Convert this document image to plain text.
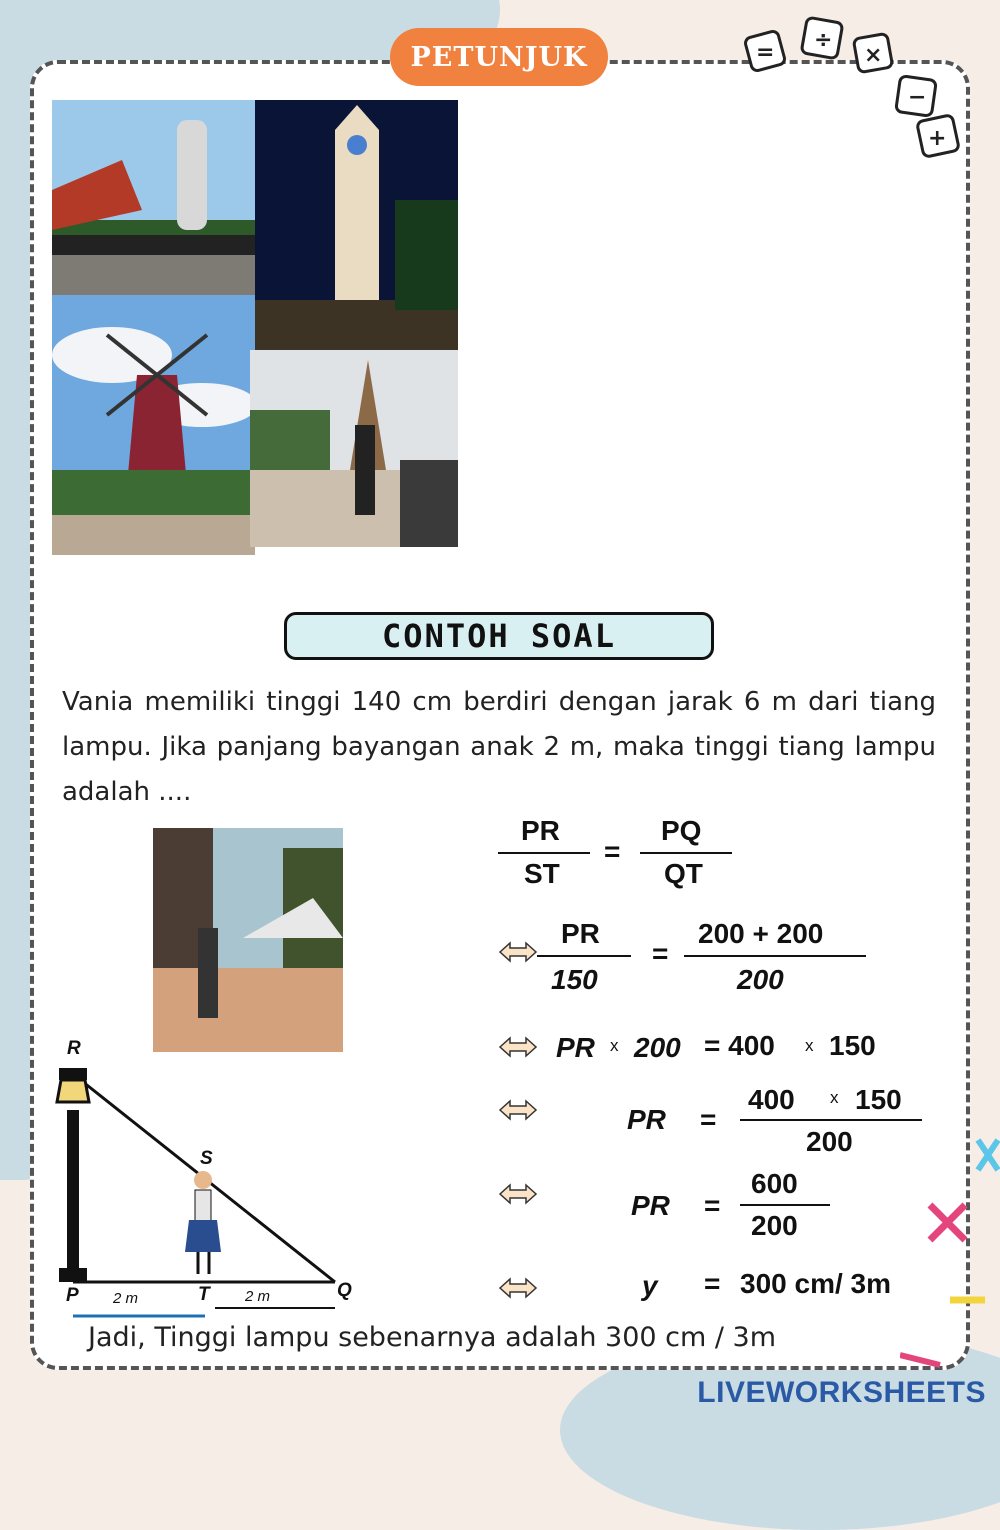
PETUNJUK	= ÷
×
−
+
CONTOH SOAL
Vania memiliki tinggi 140 cm berdiri dengan jarak 6 m dari tiang lampu. Jika panjang bayangan anak 2 m, maka tinggi tiang lampu adalah ....
R
S
P	T	Q
2 m	2 m
PR
ST
=
PQ
QT
PR
150
=
200 + 200
200
PR x 200 = 400 x 150
PR =
400 x 150
200
PR =
600
200
y = 300 cm/ 3m
Jadi, Tinggi lampu sebenarnya adalah 300 cm / 3m
LIVEWORKSHEETS
